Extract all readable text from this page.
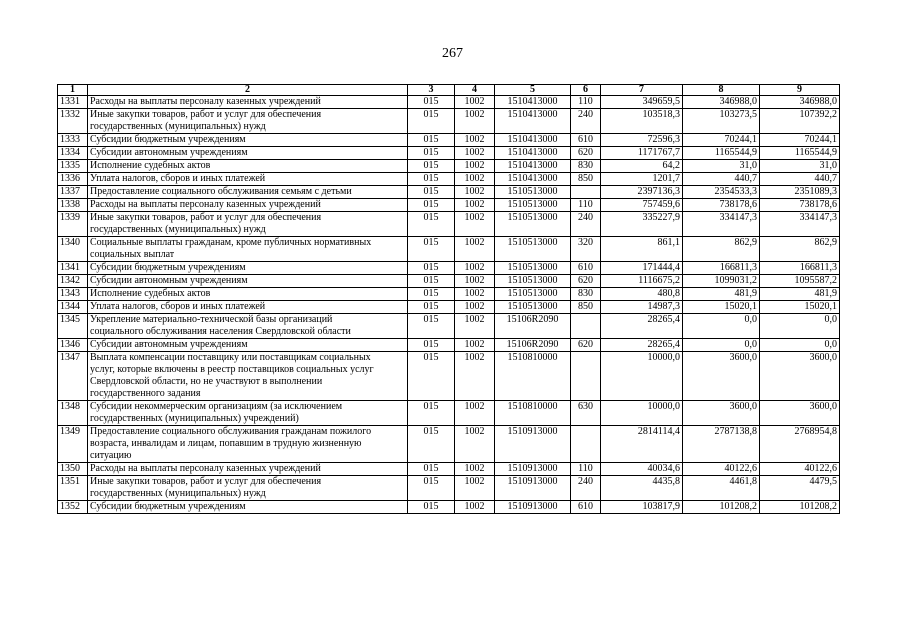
267
1	2	3	4	5	6	7	8	9
1331	Расходы на выплаты персоналу казенных учреждений	015	1002	1510413000	110	349659,5	346988,0	346988,0
1332	Иные закупки товаров, работ и услуг для обеспечения
государственных (муниципальных) нужд	015	1002	1510413000	240	103518,3	103273,5	107392,2
1333	Субсидии бюджетным учреждениям	015	1002	1510413000	610	72596,3	70244,1	70244,1
1334	Субсидии автономным учреждениям	015	1002	1510413000	620	1171767,7	1165544,9	1165544,9
1335	Исполнение судебных актов	015	1002	1510413000	830	64,2	31,0	31,0
1336	Уплата налогов, сборов и иных платежей	015	1002	1510413000	850	1201,7	440,7	440,7
1337	Предоставление социального обслуживания семьям с детьми	015	1002	1510513000		2397136,3	2354533,3	2351089,3
1338	Расходы на выплаты персоналу казенных учреждений	015	1002	1510513000	110	757459,6	738178,6	738178,6
1339	Иные закупки товаров, работ и услуг для обеспечения
государственных (муниципальных) нужд	015	1002	1510513000	240	335227,9	334147,3	334147,3
1340	Социальные выплаты гражданам, кроме публичных нормативных
социальных выплат	015	1002	1510513000	320	861,1	862,9	862,9
1341	Субсидии бюджетным учреждениям	015	1002	1510513000	610	171444,4	166811,3	166811,3
1342	Субсидии автономным учреждениям	015	1002	1510513000	620	1116675,2	1099031,2	1095587,2
1343	Исполнение судебных актов	015	1002	1510513000	830	480,8	481,9	481,9
1344	Уплата налогов, сборов и иных платежей	015	1002	1510513000	850	14987,3	15020,1	15020,1
1345	Укрепление материально-технической базы организаций
социального обслуживания населения Свердловской области	015	1002	15106R2090		28265,4	0,0	0,0
1346	Субсидии автономным учреждениям	015	1002	15106R2090	620	28265,4	0,0	0,0
1347	Выплата компенсации поставщику или поставщикам социальных
услуг, которые включены в реестр поставщиков социальных услуг
Свердловской области, но не участвуют в выполнении
государственного задания	015	1002	1510810000		10000,0	3600,0	3600,0
1348	Субсидии некоммерческим организациям (за исключением
государственных (муниципальных) учреждений)	015	1002	1510810000	630	10000,0	3600,0	3600,0
1349	Предоставление социального обслуживания гражданам пожилого
возраста, инвалидам и лицам, попавшим в трудную жизненную
ситуацию	015	1002	1510913000		2814114,4	2787138,8	2768954,8
1350	Расходы на выплаты персоналу казенных учреждений	015	1002	1510913000	110	40034,6	40122,6	40122,6
1351	Иные закупки товаров, работ и услуг для обеспечения
государственных (муниципальных) нужд	015	1002	1510913000	240	4435,8	4461,8	4479,5
1352	Субсидии бюджетным учреждениям	015	1002	1510913000	610	103817,9	101208,2	101208,2
